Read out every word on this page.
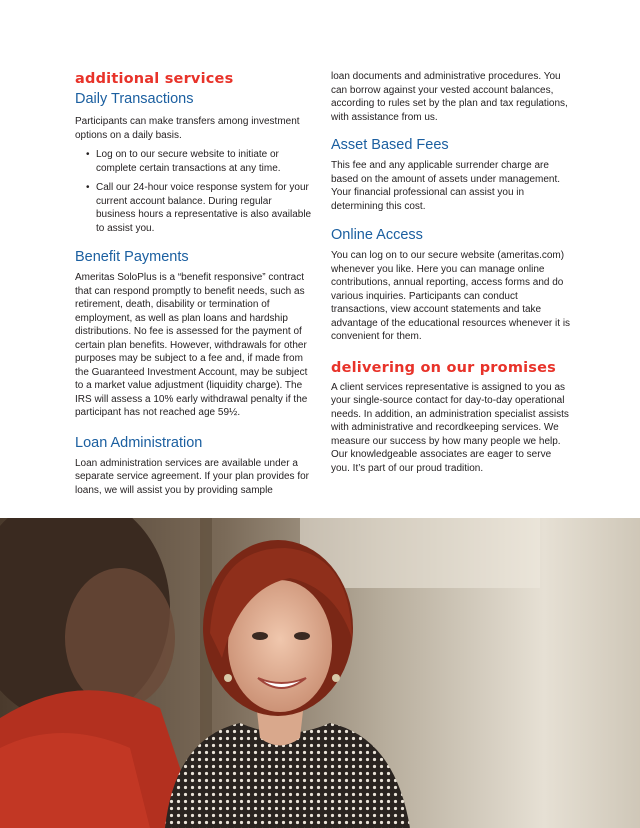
additional services
Daily Transactions

Participants can make transfers among investment options on a daily basis.

• Log on to our secure website to initiate or complete certain transactions at any time.
• Call our 24-hour voice response system for your current account balance. During regular business hours a representative is also available to assist you.
Benefit Payments

Ameritas SoloPlus is a “benefit responsive” contract that can respond promptly to benefit needs, such as retirement, death, disability or termination of employment, as well as plan loans and hardship distributions. No fee is assessed for the payment of certain plan benefits. However, withdrawals for other purposes may be subject to a fee and, if made from the Guaranteed Investment Account, may be subject to a market value adjustment (liquidity charge). The IRS will assess a 10% early withdrawal penalty if the participant has not reached age 59½.

Loan Administration

Loan administration services are available under a separate service agreement. If your plan provides for loans, we will assist you by providing sample

loan documents and administrative procedures. You can borrow against your vested account balances, according to rules set by the plan and tax regulations, with assistance from us.

Asset Based Fees

This fee and any applicable surrender charge are based on the amount of assets under management. Your financial professional can assist you in determining this cost.

Online Access

You can log on to our secure website (ameritas.com) whenever you like. Here you can manage online contributions, annual reporting, access forms and do various inquiries. Participants can conduct transactions, view account statements and take advantage of the educational resources whenever it is convenient for them.

delivering on our promises

A client services representative is assigned to you as your single-source contact for day-to-day operational needs. In addition, an administration specialist assists with administrative and recordkeeping services. We measure our success by how many people we help. Our knowledgeable associates are eager to serve you. It’s part of our proud tradition.
